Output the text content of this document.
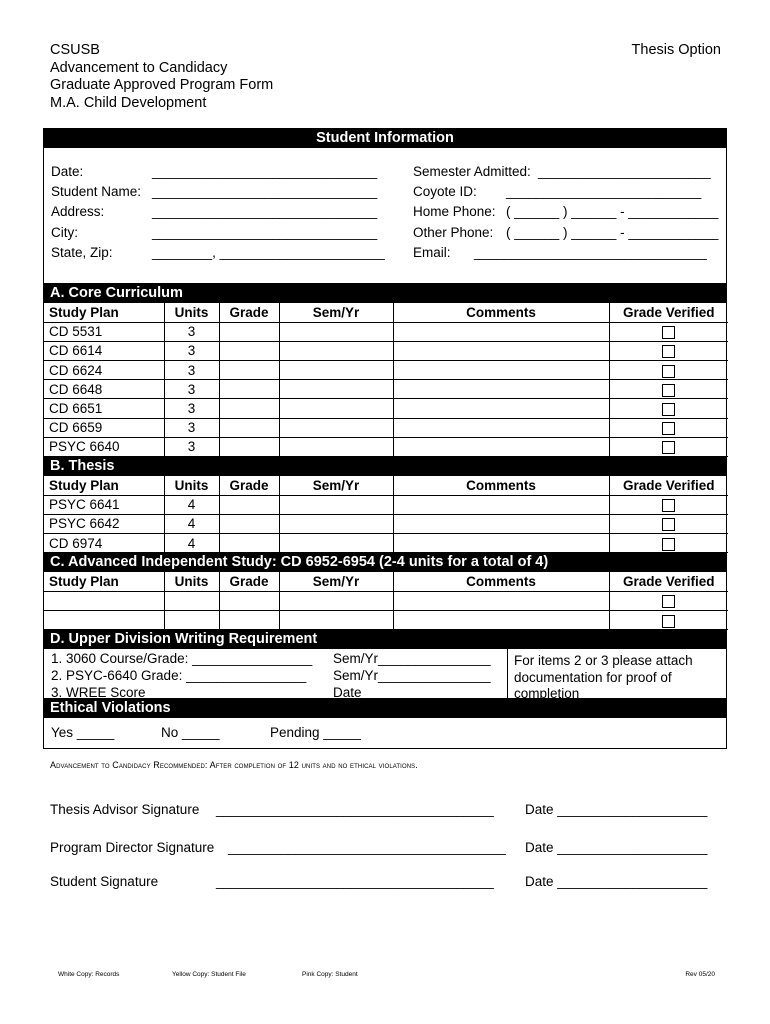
CSUSB
Advancement to Candidacy
Graduate Approved Program Form
M.A. Child Development
Thesis Option
Student Information
Date:	______________________________
Student Name: ______________________________
Address:	______________________________
City:	______________________________
State, Zip:	________, ______________________
Semester Admitted: _______________________
Coyote ID: __________________________
Home Phone: ( ______ ) ______ - ____________
Other Phone: ( ______ ) ______ - ____________
Email: _______________________________
A. Core Curriculum
Study Plan	Units	Grade	Sem/Yr	Comments	Grade Verified
CD 5531	3				
CD 6614	3				
CD 6624	3				
CD 6648	3				
CD 6651	3				
CD 6659	3				
PSYC 6640	3				
B. Thesis
Study Plan	Units	Grade	Sem/Yr	Comments	Grade Verified
PSYC 6641	4				
PSYC 6642	4				
CD 6974	4				
C. Advanced Independent Study: CD 6952-6954 (2-4 units for a total of 4)
Study Plan	Units	Grade	Sem/Yr	Comments	Grade Verified

D. Upper Division Writing Requirement
1. 3060 Course/Grade: ________________
2. PSYC-6640 Grade: ________________
3. WREE Score
Sem/Yr_______________
Sem/Yr_______________
Date _______________
For items 2 or 3 please attach documentation for proof of completion
Ethical Violations
Yes _____	No _____	Pending _____
Advancement to Candidacy Recommended: After completion of 12 units and no ethical violations.
Thesis Advisor Signature _____________________________________ Date ____________________
Program Director Signature _____________________________________ Date ____________________
Student Signature	_____________________________________ Date ____________________
White Copy: Records	Yellow Copy: Student File	Pink Copy: Student	Rev 05/20
